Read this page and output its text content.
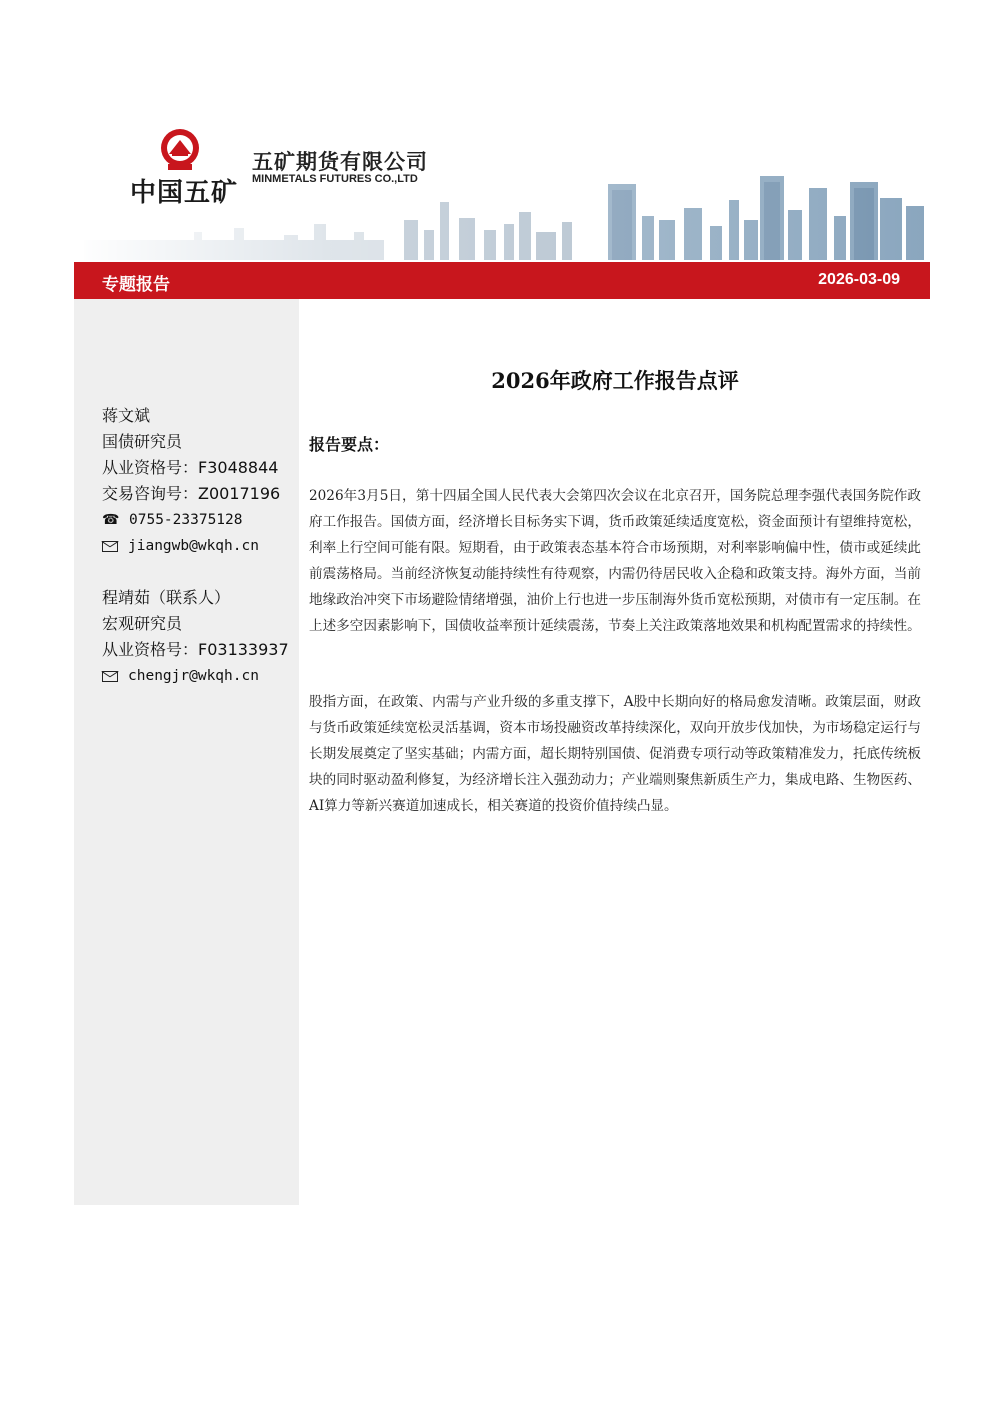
中国五矿
五矿期货有限公司
MINMETALS FUTURES CO.,LTD
专题报告	2026-03-09
蒋文斌
国债研究员
从业资格号：F3048844
交易咨询号：Z0017196
☎ 0755-23375128
jiangwb@wkqh.cn
程靖茹（联系人）
宏观研究员
从业资格号：F03133937
chengjr@wkqh.cn
2026年政府工作报告点评
报告要点：
2026年3月5日，第十四届全国人民代表大会第四次会议在北京召开，国务院总理李强代表国务院作政府工作报告。国债方面，经济增长目标务实下调，货币政策延续适度宽松，资金面预计有望维持宽松，利率上行空间可能有限。短期看，由于政策表态基本符合市场预期，对利率影响偏中性，债市或延续此前震荡格局。当前经济恢复动能持续性有待观察，内需仍待居民收入企稳和政策支持。海外方面，当前地缘政治冲突下市场避险情绪增强，油价上行也进一步压制海外货币宽松预期，对债市有一定压制。在上述多空因素影响下，国债收益率预计延续震荡，节奏上关注政策落地效果和机构配置需求的持续性。
股指方面，在政策、内需与产业升级的多重支撑下，A股中长期向好的格局愈发清晰。政策层面，财政与货币政策延续宽松灵活基调，资本市场投融资改革持续深化，双向开放步伐加快，为市场稳定运行与长期发展奠定了坚实基础；内需方面，超长期特别国债、促消费专项行动等政策精准发力，托底传统板块的同时驱动盈利修复，为经济增长注入强劲动力；产业端则聚焦新质生产力，集成电路、生物医药、AI算力等新兴赛道加速成长，相关赛道的投资价值持续凸显。
